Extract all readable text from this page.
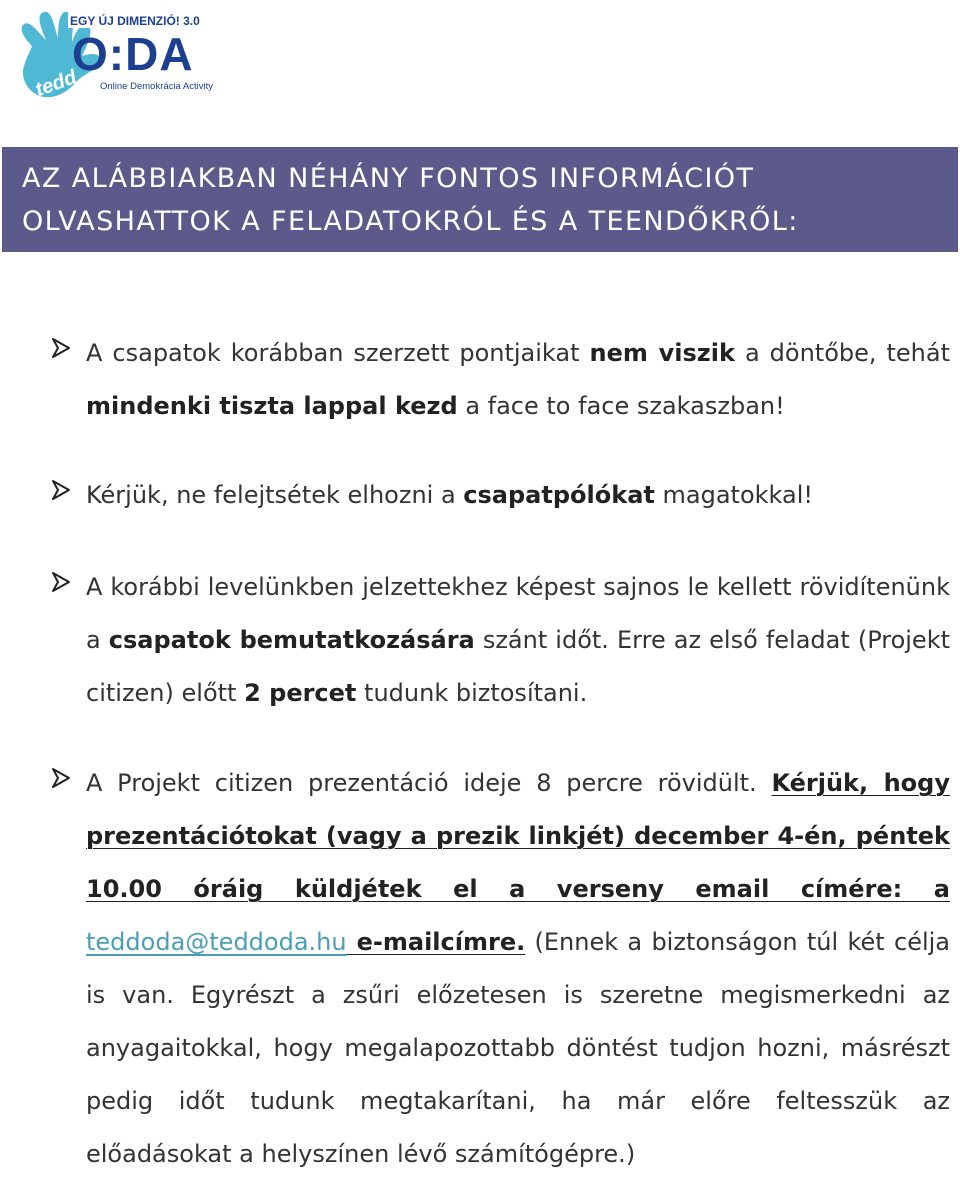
tedd
EGY ÚJ DIMENZIÓ! 3.0
O:DA
Online Demokrácia Activity
AZ ALÁBBIAKBAN NÉHÁNY FONTOS INFORMÁCIÓT
OLVASHATTOK A FELADATOKRÓL ÉS A TEENDŐKRŐL:
A csapatok korábban szerzett pontjaikat nem viszik a döntőbe, tehát mindenki tiszta lappal kezd a face to face szakaszban!
Kérjük, ne felejtsétek elhozni a csapatpólókat magatokkal!
A korábbi levelünkben jelzettekhez képest sajnos le kellett rövidítenünk a csapatok bemutatkozására szánt időt. Erre az első feladat (Projekt citizen) előtt 2 percet tudunk biztosítani.
A Projekt citizen prezentáció ideje 8 percre rövidült. Kérjük, hogy prezentációtokat (vagy a prezik linkjét) december 4-én, péntek 10.00 óráig küldjétek el a verseny email címére: a teddoda@teddoda.hu e-mailcímre. (Ennek a biztonságon túl két célja is van. Egyrészt a zsűri előzetesen is szeretne megismerkedni az anyagaitokkal, hogy megalapozottabb döntést tudjon hozni, másrészt pedig időt tudunk megtakarítani, ha már előre feltesszük az előadásokat a helyszínen lévő számítógépre.)
